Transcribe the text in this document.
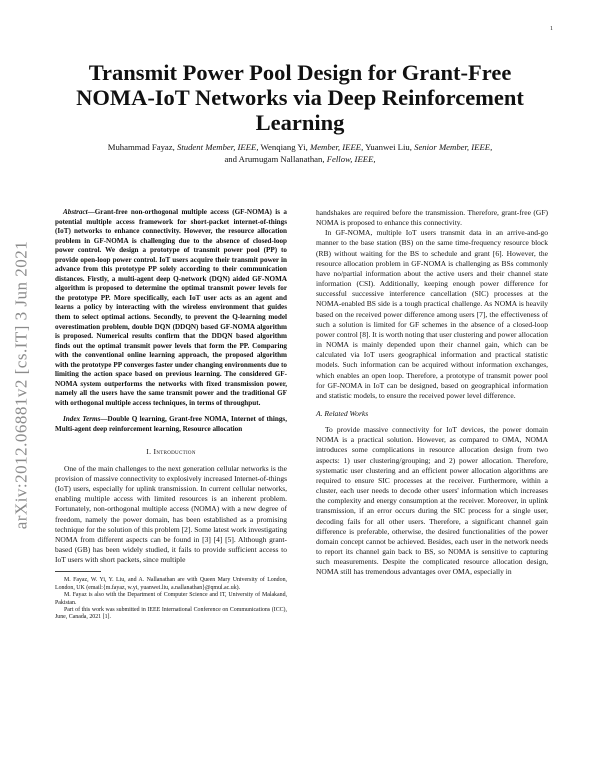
1
arXiv:2012.06881v2 [cs.IT] 3 Jun 2021
Transmit Power Pool Design for Grant-Free NOMA-IoT Networks via Deep Reinforcement Learning
Muhammad Fayaz, Student Member, IEEE, Wenqiang Yi, Member, IEEE, Yuanwei Liu, Senior Member, IEEE,
and Arumugam Nallanathan, Fellow, IEEE,

Abstract—Grant-free non-orthogonal multiple access (GF-NOMA) is a potential multiple access framework for short-packet internet-of-things (IoT) networks to enhance connectivity. However, the resource allocation problem in GF-NOMA is challenging due to the absence of closed-loop power control. We design a prototype of transmit power pool (PP) to provide open-loop power control. IoT users acquire their transmit power in advance from this prototype PP solely according to their communication distances. Firstly, a multi-agent deep Q-network (DQN) aided GF-NOMA algorithm is proposed to determine the optimal transmit power levels for the prototype PP. More specifically, each IoT user acts as an agent and learns a policy by interacting with the wireless environment that guides them to select optimal actions. Secondly, to prevent the Q-learning model overestimation problem, double DQN (DDQN) based GF-NOMA algorithm is proposed. Numerical results confirm that the DDQN based algorithm finds out the optimal transmit power levels that form the PP. Comparing with the conventional online learning approach, the proposed algorithm with the prototype PP converges faster under changing environments due to limiting the action space based on previous learning. The considered GF-NOMA system outperforms the networks with fixed transmission power, namely all the users have the same transmit power and the traditional GF with orthogonal multiple access techniques, in terms of throughput.

Index Terms—Double Q learning, Grant-free NOMA, Internet of things, Multi-agent deep reinforcement learning, Resource allocation

I. Introduction

One of the main challenges to the next generation cellular networks is the provision of massive connectivity to explosively increased Internet-of-things (IoT) users, especially for uplink transmission. In current cellular networks, enabling multiple access with limited resources is an inherent problem. Fortunately, non-orthogonal multiple access (NOMA) with a new degree of freedom, namely the power domain, has been established as a promising technique for the solution of this problem [2]. Some latest work investigating NOMA from different aspects can be found in [3] [4] [5]. Although grant-based (GB) has been widely studied, it fails to provide sufficient access to IoT users with short packets, since multiple

M. Fayaz, W. Yi, Y. Liu, and A. Nallanathan are with Queen Mary University of London, London, UK (email:{m.fayaz, w.yi, yuanwei.liu, a.nallanathan}@qmul.ac.uk).

M. Fayaz is also with the Department of Computer Science and IT, University of Malakand, Pakistan.

Part of this work was submitted in IEEE International Conference on Communications (ICC), June, Canada, 2021 [1].

handshakes are required before the transmission. Therefore, grant-free (GF) NOMA is proposed to enhance this connectivity.

In GF-NOMA, multiple IoT users transmit data in an arrive-and-go manner to the base station (BS) on the same time-frequency resource block (RB) without waiting for the BS to schedule and grant [6]. However, the resource allocation problem in GF-NOMA is challenging as BSs commonly have no/partial information about the active users and their channel state information (CSI). Additionally, keeping enough power difference for successful successive interference cancellation (SIC) processes at the NOMA-enabled BS side is a tough practical challenge. As NOMA is heavily based on the received power difference among users [7], the effectiveness of such a solution is limited for GF schemes in the absence of a closed-loop power control [8]. It is worth noting that user clustering and power allocation in NOMA is mainly depended upon their channel gain, which can be calculated via IoT users geographical information and practical statistic models. Such information can be acquired without information exchanges, which enables an open loop. Therefore, a prototype of transmit power pool for GF-NOMA in IoT can be designed, based on geographical information and statistic models, to ensure the received power level difference.

A. Related Works

To provide massive connectivity for IoT devices, the power domain NOMA is a practical solution. However, as compared to OMA, NOMA introduces some complications in resource allocation design from two aspects: 1) user clustering/grouping; and 2) power allocation. Therefore, systematic user clustering and an efficient power allocation algorithms are required to ensure SIC processes at the receiver. Furthermore, within a cluster, each user needs to decode other users' information which increases the complexity and energy consumption at the receiver. Moreover, in uplink transmission, if an error occurs during the SIC process for a single user, decoding fails for all other users. Therefore, a significant channel gain difference is preferable, otherwise, the desired functionalities of the power domain concept cannot be achieved. Besides, each user in the network needs to report its channel gain back to BS, so NOMA is sensitive to capturing such measurements. Despite the complicated resource allocation design, NOMA still has tremendous advantages over OMA, especially in
